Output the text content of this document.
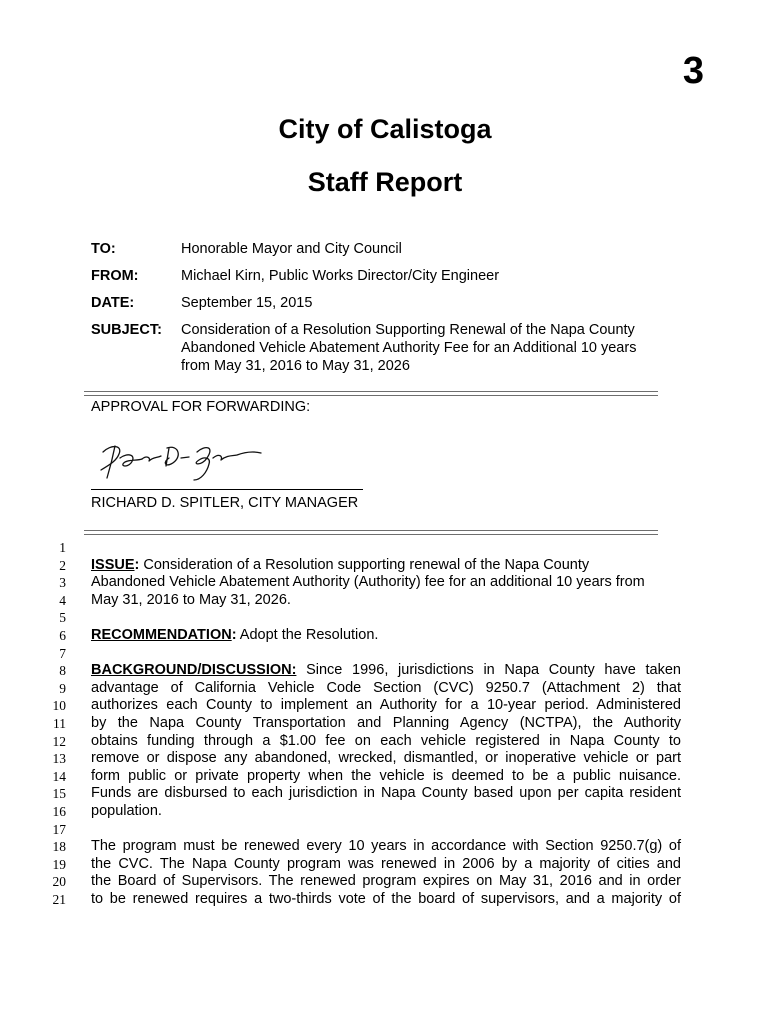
3
City of Calistoga
Staff Report
TO:	Honorable Mayor and City Council
FROM:	Michael Kirn, Public Works Director/City Engineer
DATE:	September 15, 2015
SUBJECT:	Consideration of a Resolution Supporting Renewal of the Napa County
Abandoned Vehicle Abatement Authority Fee for an Additional 10 years
from May 31, 2016 to May 31, 2026
APPROVAL FOR FORWARDING:
RICHARD D. SPITLER, CITY MANAGER
1
2
3
4
5
6
7
8
9
10
11
12
13
14
15
16
17
18
19
20
21
ISSUE: Consideration of a Resolution supporting renewal of the Napa County
Abandoned Vehicle Abatement Authority (Authority) fee for an additional 10 years from
May 31, 2016 to May 31, 2026.
RECOMMENDATION: Adopt the Resolution.
BACKGROUND/DISCUSSION: Since 1996, jurisdictions in Napa County have taken
advantage of California Vehicle Code Section (CVC) 9250.7 (Attachment 2) that
authorizes each County to implement an Authority for a 10-year period. Administered
by the Napa County Transportation and Planning Agency (NCTPA), the Authority
obtains funding through a $1.00 fee on each vehicle registered in Napa County to
remove or dispose any abandoned, wrecked, dismantled, or inoperative vehicle or part
form public or private property when the vehicle is deemed to be a public nuisance.
Funds are disbursed to each jurisdiction in Napa County based upon per capita resident
population.
The program must be renewed every 10 years in accordance with Section 9250.7(g) of
the CVC. The Napa County program was renewed in 2006 by a majority of cities and
the Board of Supervisors. The renewed program expires on May 31, 2016 and in order
to be renewed requires a two-thirds vote of the board of supervisors, and a majority of
